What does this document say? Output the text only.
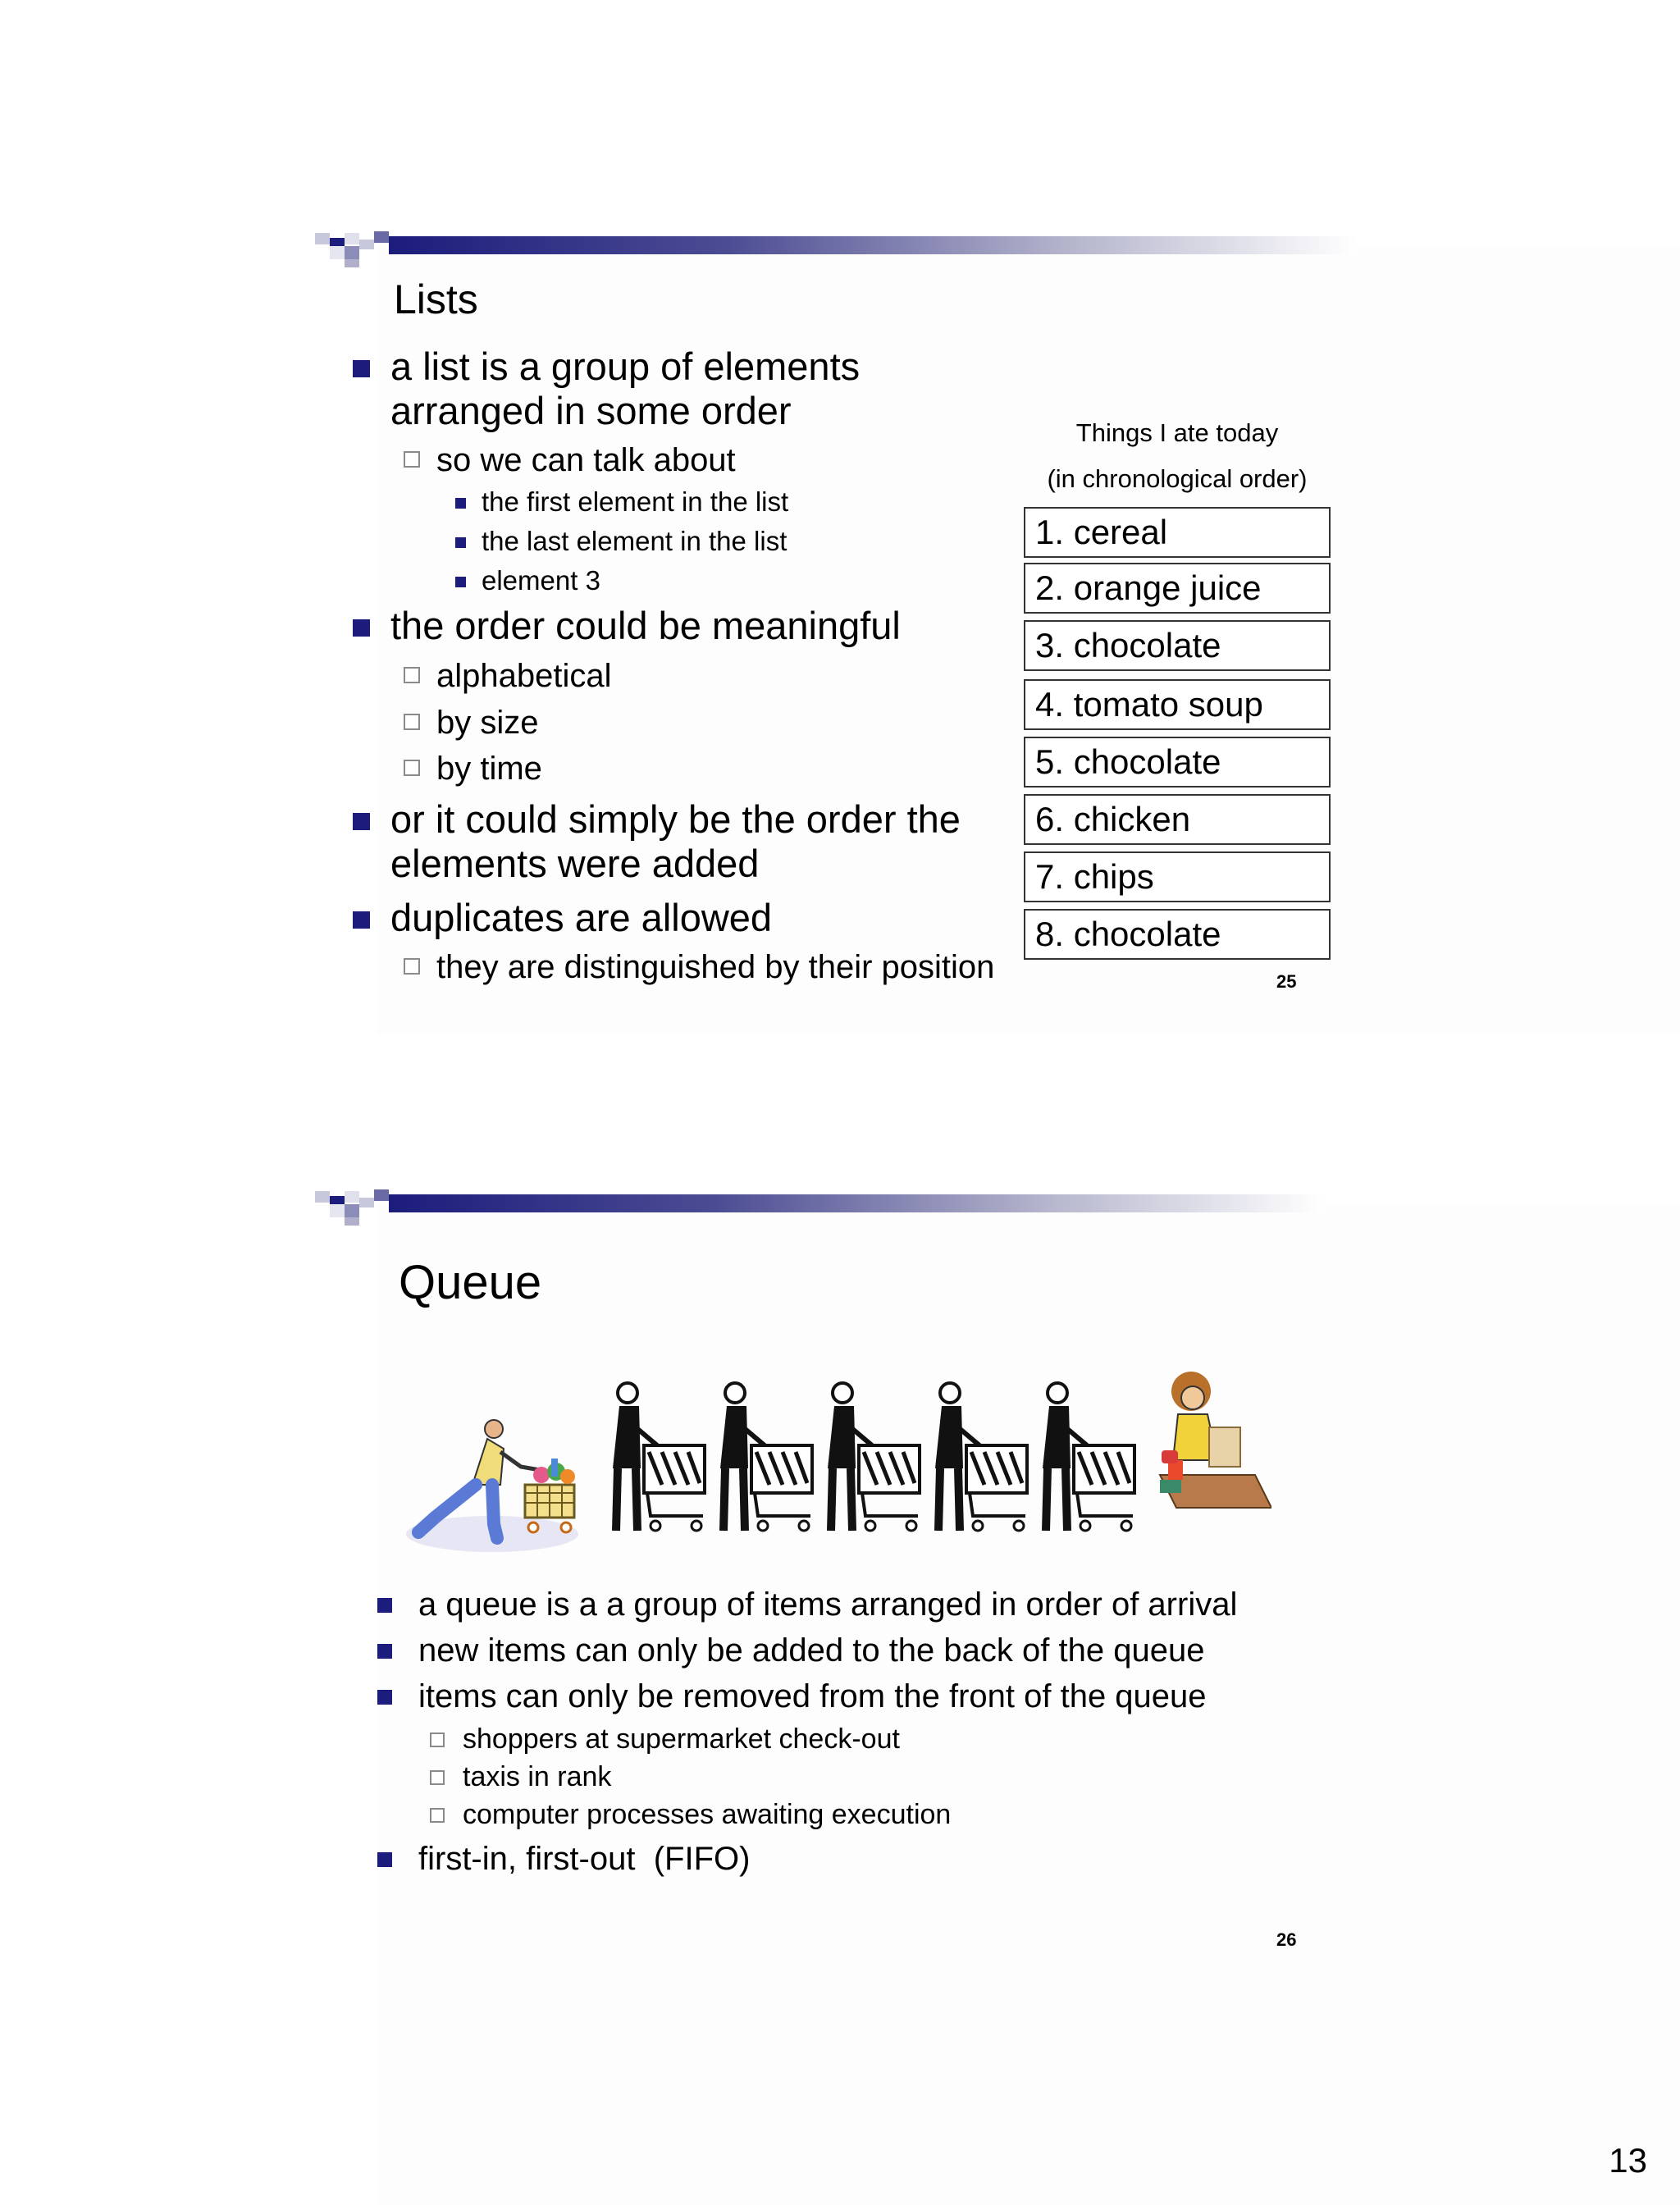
Lists
a list is a group of elements
arranged in some order
so we can talk about
the first element in the list
the last element in the list
element 3
the order could be meaningful
alphabetical
by size
by time
or it could simply be the order the
elements were added
duplicates are allowed
they are distinguished by their position
Things I ate today
(in chronological order)
1. cereal
2. orange juice
3. chocolate
4. tomato soup
5. chocolate
6. chicken
7. chips
8. chocolate
25
Queue
a queue is a a group of items arranged in order of arrival
new items can only be added to the back of the queue
items can only be removed from the front of the queue
shoppers at supermarket check-out
taxis in rank
computer processes awaiting execution
first-in, first-out  (FIFO)
26
13
